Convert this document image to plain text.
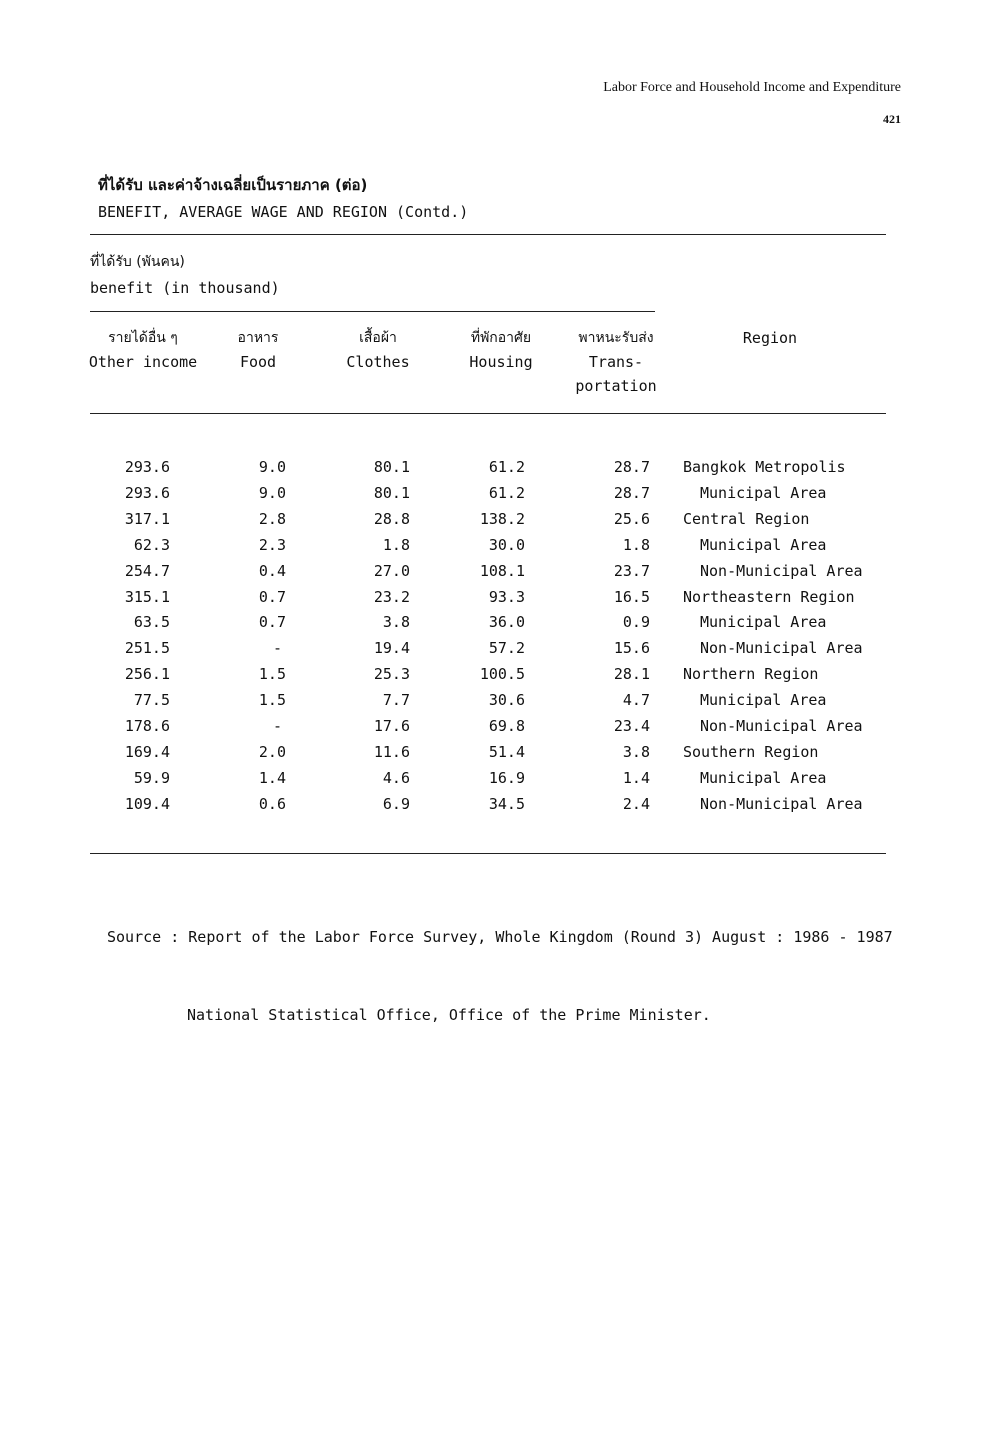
Labor Force and Household Income and Expenditure
421
ที่ได้รับ และค่าจ้างเฉลี่ยเป็นรายภาค (ต่อ)
BENEFIT, AVERAGE WAGE AND REGION (Contd.)
ที่ได้รับ (พันคน)
benefit (in thousand)
รายได้อื่น ๆ
Other income
อาหาร
Food
เสื้อผ้า
Clothes
ที่พักอาศัย
Housing
พาหนะรับส่ง
Trans-
portation
Region
293.6	9.0	80.1	61.2	28.7 Bangkok Metropolis
293.6	9.0	80.1	61.2	28.7	Municipal Area
317.1	2.8	28.8	138.2	25.6 Central Region
62.3	2.3	1.8	30.0	1.8	Municipal Area
254.7	0.4	27.0	108.1	23.7	Non-Municipal Area
315.1	0.7	23.2	93.3	16.5 Northeastern Region
63.5	0.7	3.8	36.0	0.9	Municipal Area
251.5	-	19.4	57.2	15.6	Non-Municipal Area
256.1	1.5	25.3	100.5	28.1 Northern Region
77.5	1.5	7.7	30.6	4.7	Municipal Area
178.6	-	17.6	69.8	23.4	Non-Municipal Area
169.4	2.0	11.6	51.4	3.8 Southern Region
59.9	1.4	4.6	16.9	1.4	Municipal Area
109.4	0.6	6.9	34.5	2.4	Non-Municipal Area

Source : Report of the Labor Force Survey, Whole Kingdom (Round 3) August : 1986 - 1987

National Statistical Office, Office of the Prime Minister.
